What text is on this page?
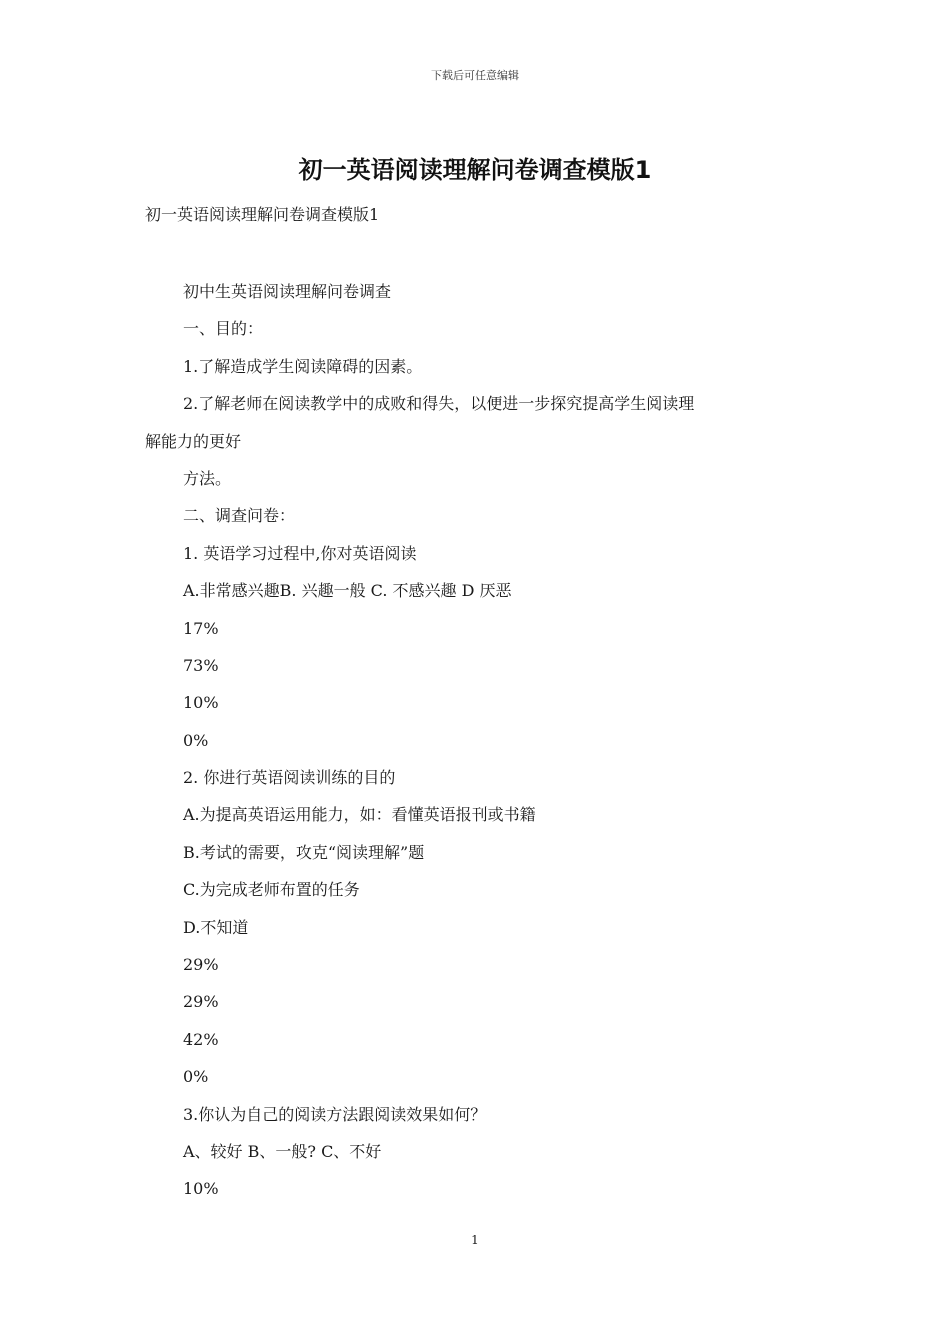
下载后可任意编辑
初一英语阅读理解问卷调查模版1
初一英语阅读理解问卷调查模版1
初中生英语阅读理解问卷调查
一、目的：
1.了解造成学生阅读障碍的因素。
2.了解老师在阅读教学中的成败和得失，以便进一步探究提高学生阅读理
解能力的更好
方法。
二、调查问卷：
1. 英语学习过程中,你对英语阅读
A.非常感兴趣B. 兴趣一般 C. 不感兴趣 D 厌恶
17%
73%
10%
0%
2. 你进行英语阅读训练的目的
A.为提高英语运用能力，如：看懂英语报刊或书籍
B.考试的需要，攻克“阅读理解”题
C.为完成老师布置的任务
D.不知道
29%
29%
42%
0%
3.你认为自己的阅读方法跟阅读效果如何？
A、较好 B、一般? C、不好
10%
1
